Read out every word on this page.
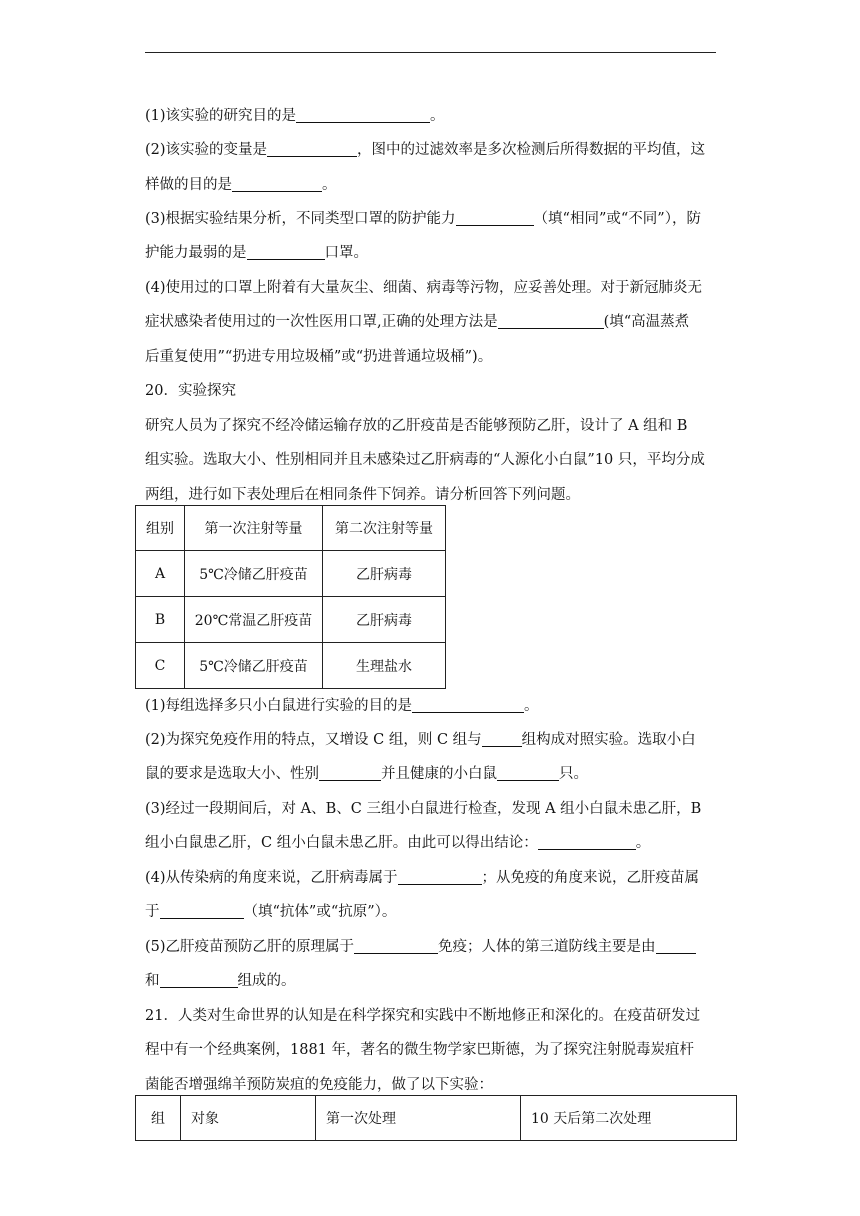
(1)该实验的研究目的是	。
(2)该实验的变量是	，图中的过滤效率是多次检测后所得数据的平均值，这
样做的目的是	。
(3)根据实验结果分析，不同类型口罩的防护能力	（填“相同”或“不同”），防
护能力最弱的是	口罩。
(4)使用过的口罩上附着有大量灰尘、细菌、病毒等污物，应妥善处理。对于新冠肺炎无
症状感染者使用过的一次性医用口罩,正确的处理方法是	(填“高温蒸煮
后重复使用”“扔进专用垃圾桶”或“扔进普通垃圾桶”)。
20．实验探究
研究人员为了探究不经冷储运输存放的乙肝疫苗是否能够预防乙肝，设计了 A 组和 B
组实验。选取大小、性别相同并且未感染过乙肝病毒的“人源化小白鼠”10 只，平均分成
两组，进行如下表处理后在相同条件下饲养。请分析回答下列问题。
(1)每组选择多只小白鼠进行实验的目的是	。
(2)为探究免疫作用的特点，又增设 C 组，则 C 组与	组构成对照实验。选取小白
鼠的要求是选取大小、性别	并且健康的小白鼠	只。
(3)经过一段期间后，对 A、B、C 三组小白鼠进行检查，发现 A 组小白鼠未患乙肝，B
组小白鼠患乙肝，C 组小白鼠未患乙肝。由此可以得出结论：	。
(4)从传染病的角度来说，乙肝病毒属于	；从免疫的角度来说，乙肝疫苗属
于	（填“抗体”或“抗原”）。
(5)乙肝疫苗预防乙肝的原理属于	免疫；人体的第三道防线主要是由
和	组成的。
21．人类对生命世界的认知是在科学探究和实践中不断地修正和深化的。在疫苗研发过
程中有一个经典案例，1881 年，著名的微生物学家巴斯德，为了探究注射脱毒炭疽杆
菌能否增强绵羊预防炭疽的免疫能力，做了以下实验：
组别	第一次注射等量	第二次注射等量
A	5℃冷储乙肝疫苗	乙肝病毒
B	20℃常温乙肝疫苗	乙肝病毒
C	5℃冷储乙肝疫苗	生理盐水
组	对象	第一次处理	10 天后第二次处理
